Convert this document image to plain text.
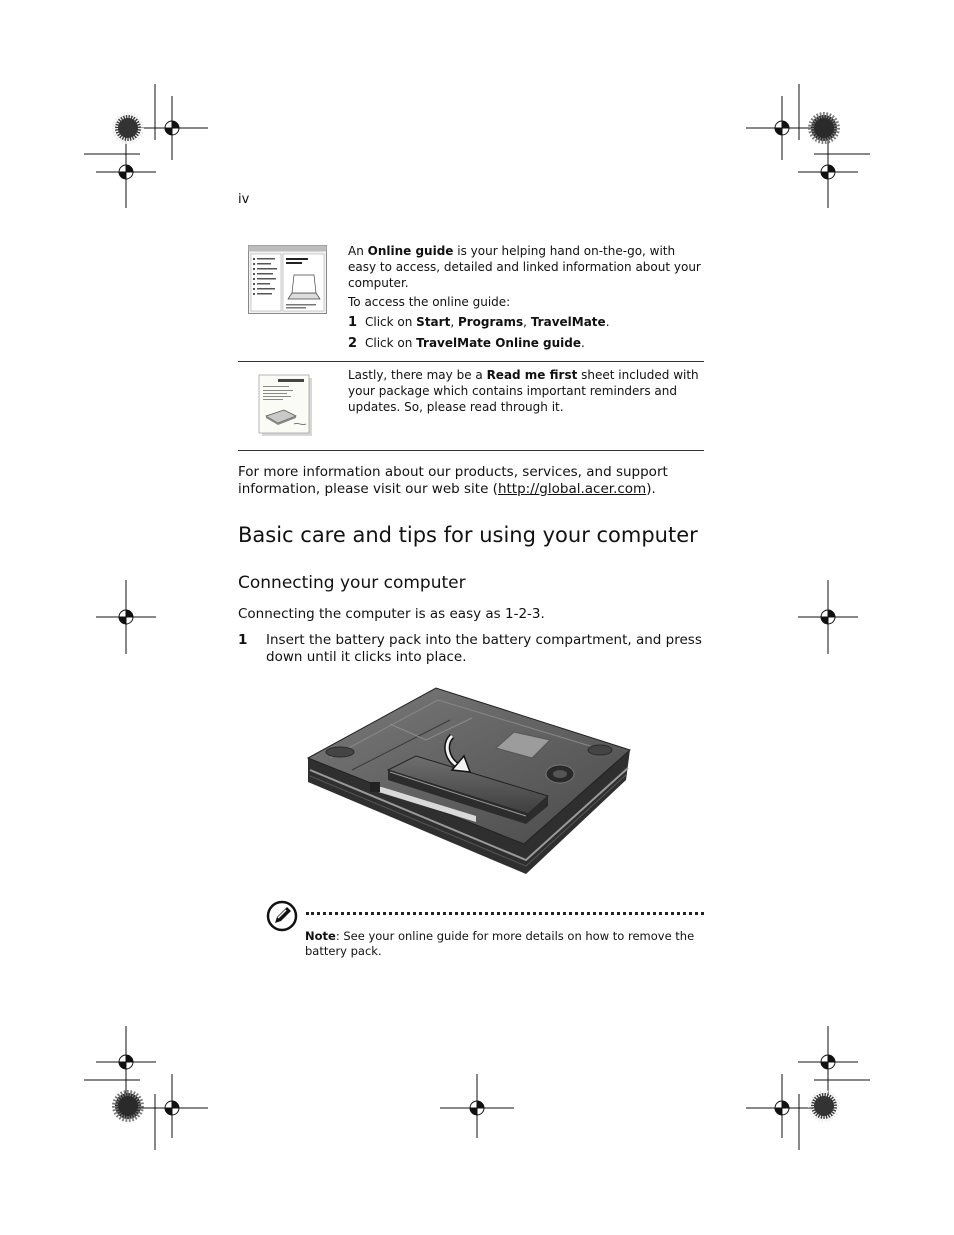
iv

An Online guide is your helping hand on-the-go, with easy to access, detailed and linked information about your computer.

To access the online guide:

1 Click on Start, Programs, TravelMate.
2 Click on TravelMate Online guide.

Lastly, there may be a Read me first sheet included with your package which contains important reminders and updates. So, please read through it.

For more information about our products, services, and support information, please visit our web site (http://global.acer.com).
Basic care and tips for using your computer
Connecting your computer
Connecting the computer is as easy as 1-2-3.
1 Insert the battery pack into the battery compartment, and press down until it clicks into place.
Note: See your online guide for more details on how to remove the battery pack.
